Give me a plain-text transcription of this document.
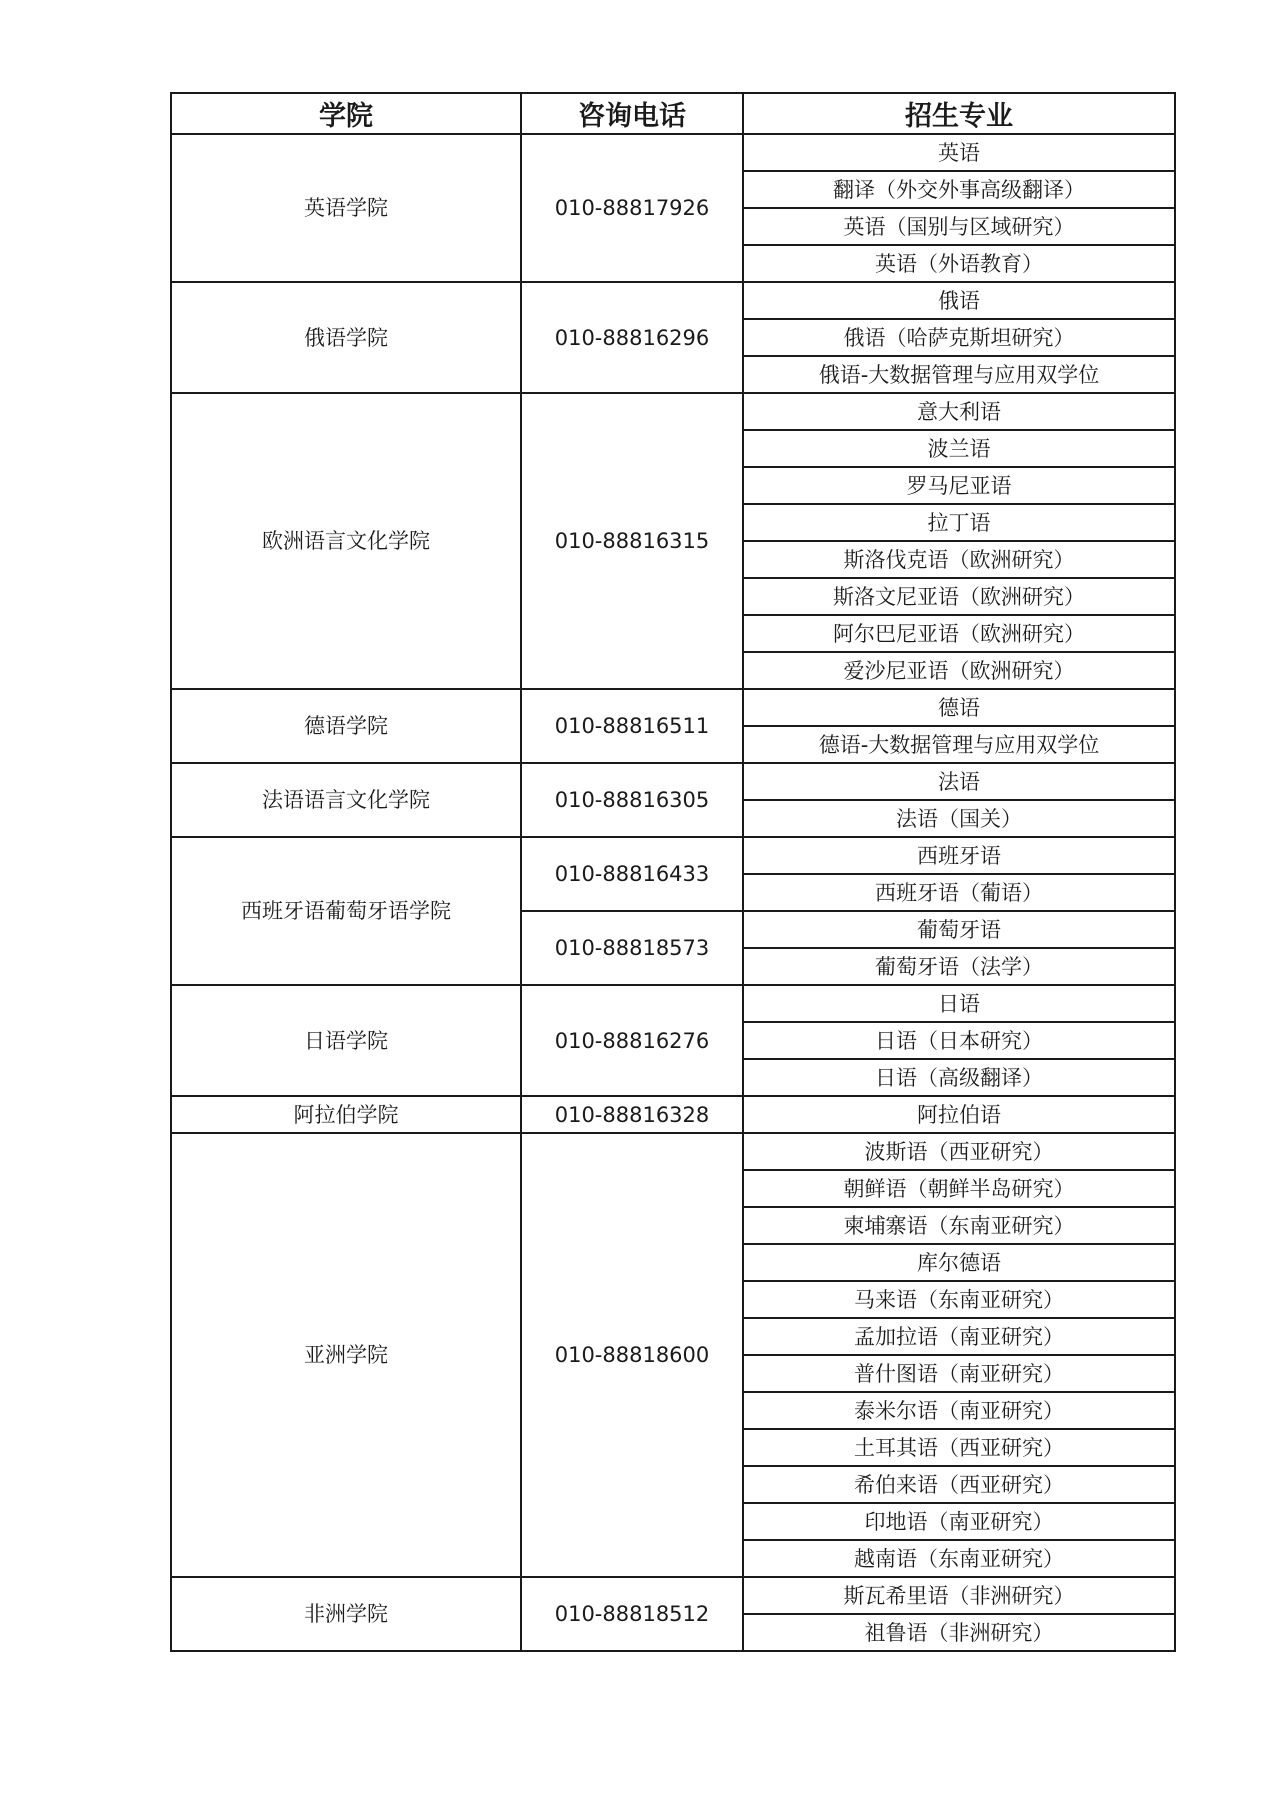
学院	咨询电话	招生专业
英语学院	010-88817926	英语
		翻译（外交外事高级翻译）
		英语（国别与区域研究）
		英语（外语教育）
俄语学院	010-88816296	俄语
		俄语（哈萨克斯坦研究）
		俄语-大数据管理与应用双学位
欧洲语言文化学院	010-88816315	意大利语
		波兰语
		罗马尼亚语
		拉丁语
		斯洛伐克语（欧洲研究）
		斯洛文尼亚语（欧洲研究）
		阿尔巴尼亚语（欧洲研究）
		爱沙尼亚语（欧洲研究）
德语学院	010-88816511	德语
		德语-大数据管理与应用双学位
法语语言文化学院	010-88816305	法语
		法语（国关）
西班牙语葡萄牙语学院	010-88816433	西班牙语
		西班牙语（葡语）
	010-88818573	葡萄牙语
		葡萄牙语（法学）
日语学院	010-88816276	日语
		日语（日本研究）
		日语（高级翻译）
阿拉伯学院	010-88816328	阿拉伯语
亚洲学院	010-88818600	波斯语（西亚研究）
		朝鲜语（朝鲜半岛研究）
		柬埔寨语（东南亚研究）
		库尔德语
		马来语（东南亚研究）
		孟加拉语（南亚研究）
		普什图语（南亚研究）
		泰米尔语（南亚研究）
		土耳其语（西亚研究）
		希伯来语（西亚研究）
		印地语（南亚研究）
		越南语（东南亚研究）
非洲学院	010-88818512	斯瓦希里语（非洲研究）
		祖鲁语（非洲研究）
